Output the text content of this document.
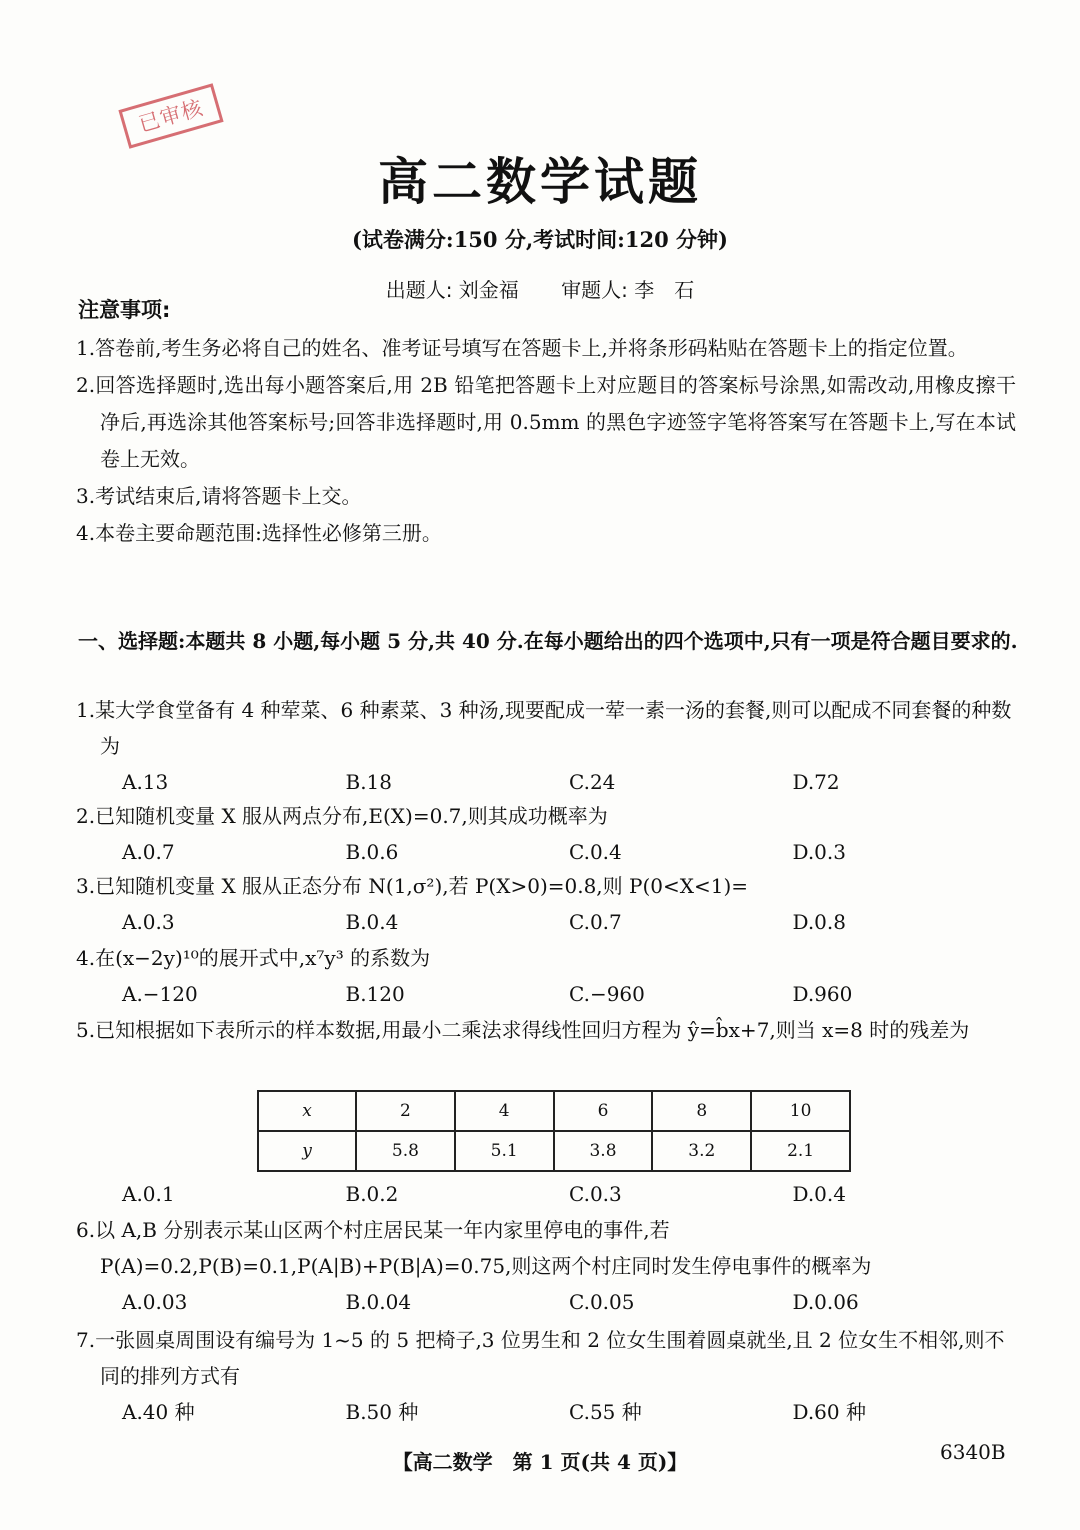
已审核
高二数学试题
(试卷满分:150 分,考试时间:120 分钟)
出题人: 刘金福 审题人: 李　石
注意事项:
1.答卷前,考生务必将自己的姓名、准考证号填写在答题卡上,并将条形码粘贴在答题卡上的指定位置。
2.回答选择题时,选出每小题答案后,用 2B 铅笔把答题卡上对应题目的答案标号涂黑,如需改动,用橡皮擦干净后,再选涂其他答案标号;回答非选择题时,用 0.5mm 的黑色字迹签字笔将答案写在答题卡上,写在本试卷上无效。
3.考试结束后,请将答题卡上交。
4.本卷主要命题范围:选择性必修第三册。
一、选择题:本题共 8 小题,每小题 5 分,共 40 分.在每小题给出的四个选项中,只有一项是符合题目要求的.
1.某大学食堂备有 4 种荤菜、6 种素菜、3 种汤,现要配成一荤一素一汤的套餐,则可以配成不同套餐的种数为
A.13	B.18	C.24	D.72
2.已知随机变量 X 服从两点分布,E(X)=0.7,则其成功概率为
A.0.7	B.0.6	C.0.4	D.0.3
3.已知随机变量 X 服从正态分布 N(1,σ²),若 P(X>0)=0.8,则 P(0<X<1)=
A.0.3	B.0.4	C.0.7	D.0.8
4.在(x−2y)¹⁰的展开式中,x⁷y³ 的系数为
A.−120	B.120	C.−960	D.960
5.已知根据如下表所示的样本数据,用最小二乘法求得线性回归方程为 ŷ=b̂x+7,则当 x=8 时的残差为
x	2	4	6	8	10
y	5.8	5.1	3.8	3.2	2.1
A.0.1	B.0.2	C.0.3	D.0.4
6.以 A,B 分别表示某山区两个村庄居民某一年内家里停电的事件,若 P(A)=0.2,P(B)=0.1,P(A|B)+P(B|A)=0.75,则这两个村庄同时发生停电事件的概率为
A.0.03	B.0.04	C.0.05	D.0.06
7.一张圆桌周围设有编号为 1~5 的 5 把椅子,3 位男生和 2 位女生围着圆桌就坐,且 2 位女生不相邻,则不同的排列方式有
A.40 种	B.50 种	C.55 种	D.60 种
【高二数学　第 1 页(共 4 页)】	6340B
